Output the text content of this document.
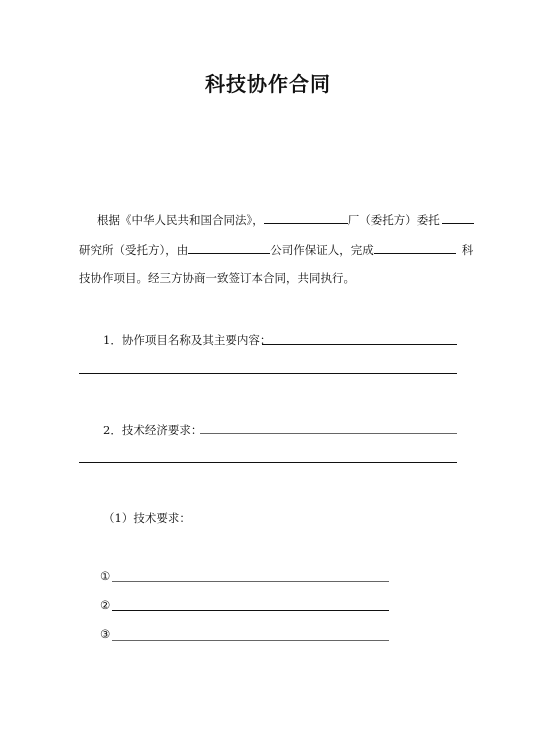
科技协作合同
根据《中华人民共和国合同法》，	厂（委托方）委托
研究所（受托方），由	公司作保证人，完成	科
技协作项目。经三方协商一致签订本合同，共同执行。
1．协作项目名称及其主要内容：
2．技术经济要求：
（1）技术要求：
①
②
③
